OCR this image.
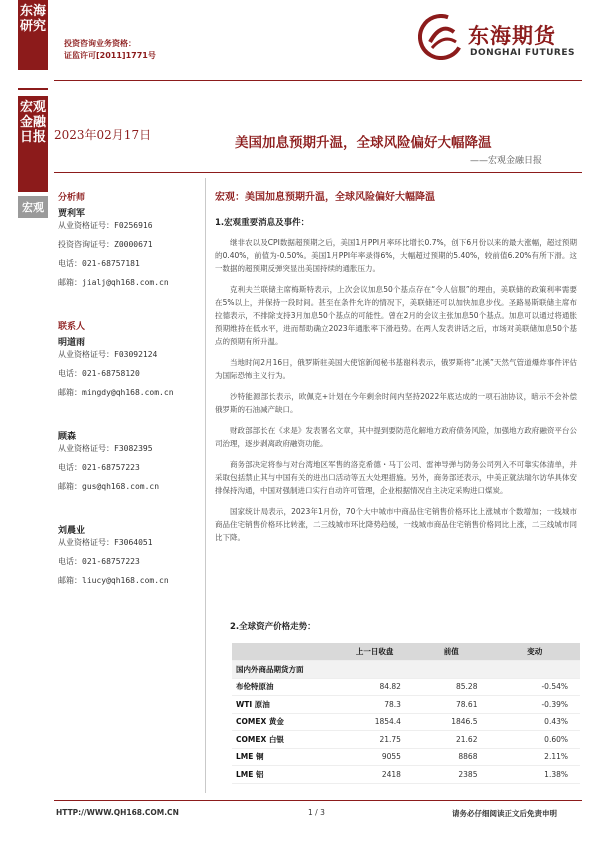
东海研究
宏观金融日报
宏观
投资咨询业务资格：
证监许可[2011]1771号
东海期货
DONGHAI FUTURES
2023年02月17日	美国加息预期升温，全球风险偏好大幅降温
——宏观金融日报
分析师
贾利军
从业资格证号：F0256916
投资咨询证号：Z0000671
电话：021-68757181
邮箱：jialj@qh168.com.cn
联系人
明道雨
从业资格证号：F03092124
电话：021-68758120
邮箱：mingdy@qh168.com.cn
顾森
从业资格证号：F3082395
电话：021-68757223
邮箱：gus@qh168.com.cn
刘晨业
从业资格证号：F3064051
电话：021-68757223
邮箱：liucy@qh168.com.cn
宏观：美国加息预期升温，全球风险偏好大幅降温
1.宏观重要消息及事件：

继非农以及CPI数据超预期之后，美国1月PPI月率环比增长0.7%，创下6月份以来的最大涨幅，超过预期的0.40%，前值为-0.50%。美国1月PPI年率录得6%，大幅超过预期的5.40%，较前值6.20%有所下滑。这一数据的超预期反弹突显出美国持续的通胀压力。

克利夫兰联储主席梅斯特表示，上次会议加息50个基点存在“令人信服”的理由，美联储的政策利率需要在5%以上，并保持一段时间。甚至在条件允许的情况下，美联储还可以加快加息步伐。圣路易斯联储主席布拉德表示，不排除支持3月加息50个基点的可能性。曾在2月的会议主张加息50个基点。加息可以通过将通胀预期维持在低水平，进而帮助确立2023年通胀率下滑趋势。在两人发表讲话之后，市场对美联储加息50个基点的预期有所升温。

当地时间2月16日，俄罗斯驻美国大使馆新闻秘书基谢科表示，俄罗斯将“北溪”天然气管道爆炸事件评估为国际恐怖主义行为。

沙特能源部长表示，欧佩克+计划在今年剩余时间内坚持2022年底达成的一项石油协议，暗示不会补偿俄罗斯的石油减产缺口。

财政部部长在《求是》发表署名文章，其中提到要防范化解地方政府债务风险，加强地方政府融资平台公司治理，逐步剥离政府融资功能。

商务部决定将参与对台湾地区军售的洛克希德・马丁公司、雷神导弹与防务公司列入不可靠实体清单，并采取包括禁止其与中国有关的进出口活动等五大处理措施。另外，商务部还表示，中美正就法瑞尔访华具体安排保持沟通，中国对强制进口实行自动许可管理，企业根据情况自主决定采购进口煤炭。

国家统计局表示，2023年1月份，70个大中城市中商品住宅销售价格环比上涨城市个数增加；一线城市商品住宅销售价格环比转涨，二三线城市环比降势趋缓，一线城市商品住宅销售价格同比上涨，二三线城市同比下降。

2.全球资产价格走势：
	上一日收盘	前值	变动
国内外商品期货方面			
布伦特原油	84.82	85.28	-0.54%
WTI 原油	78.3	78.61	-0.39%
COMEX 黄金	1854.4	1846.5	0.43%
COMEX 白银	21.75	21.62	0.60%
LME 铜	9055	8868	2.11%
LME 铝	2418	2385	1.38%
HTTP://WWW.QH168.COM.CN	1 / 3	请务必仔细阅读正文后免责申明
